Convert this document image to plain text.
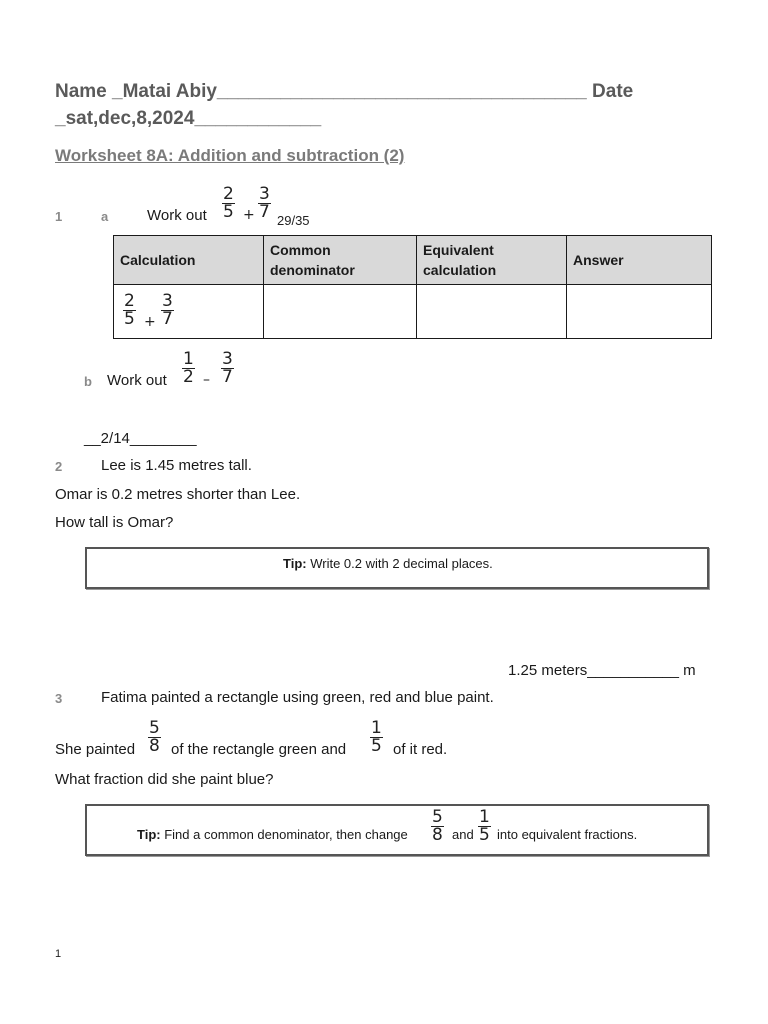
Name _Matai Abiy___________________________________ Date
_sat,dec,8,2024____________
Worksheet 8A: Addition and subtraction (2)
1	a	Work out $\frac{2}{5} + \frac{3}{7} 29/35$
Calculation	Common denominator	Equivalent calculation	Answer

$\frac{2}{5} + \frac{3}{7}$

b Work out $\frac{1}{2} - \frac{3}{7}$
__2/14________
2	Lee is 1.45 metres tall.
Omar is 0.2 metres shorter than Lee.
How tall is Omar?
Tip: Write 0.2 with 2 decimal places.
1.25 meters___________ m
3	Fatima painted a rectangle using green, red and blue paint.
She painted $\frac{5}{8}$ of the rectangle green and $\frac{1}{5}$ of it red.
What fraction did she paint blue?
Tip: Find a common denominator, then change $\frac{5}{8}$ and $\frac{1}{5}$ into equivalent fractions.
1
